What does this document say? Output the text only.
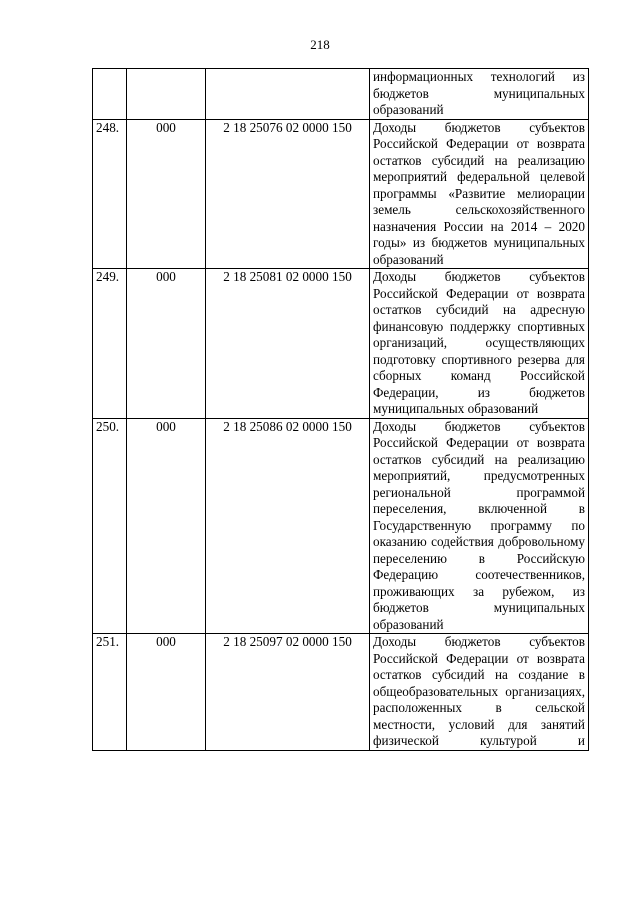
218
			информационных технологий из бюджетов муниципальных образований
248.	000	2 18 25076 02 0000 150	Доходы бюджетов субъектов Российской Федерации от возврата остатков субсидий на реализацию мероприятий федеральной целевой программы «Развитие мелиорации земель сельскохозяйственного назначения России на 2014 – 2020 годы» из бюджетов муниципальных образований
249.	000	2 18 25081 02 0000 150	Доходы бюджетов субъектов Российской Федерации от возврата остатков субсидий на адресную финансовую поддержку спортивных организаций, осуществляющих подготовку спортивного резерва для сборных команд Российской Федерации, из бюджетов муниципальных образований
250.	000	2 18 25086 02 0000 150	Доходы бюджетов субъектов Российской Федерации от возврата остатков субсидий на реализацию мероприятий, предусмотренных региональной программой переселения, включенной в Государственную программу по оказанию содействия добровольному переселению в Российскую Федерацию соотечественников, проживающих за рубежом, из бюджетов муниципальных образований
251.	000	2 18 25097 02 0000 150	Доходы бюджетов субъектов Российской Федерации от возврата остатков субсидий на создание в общеобразовательных организациях, расположенных в сельской местности, условий для занятий физической культурой и
